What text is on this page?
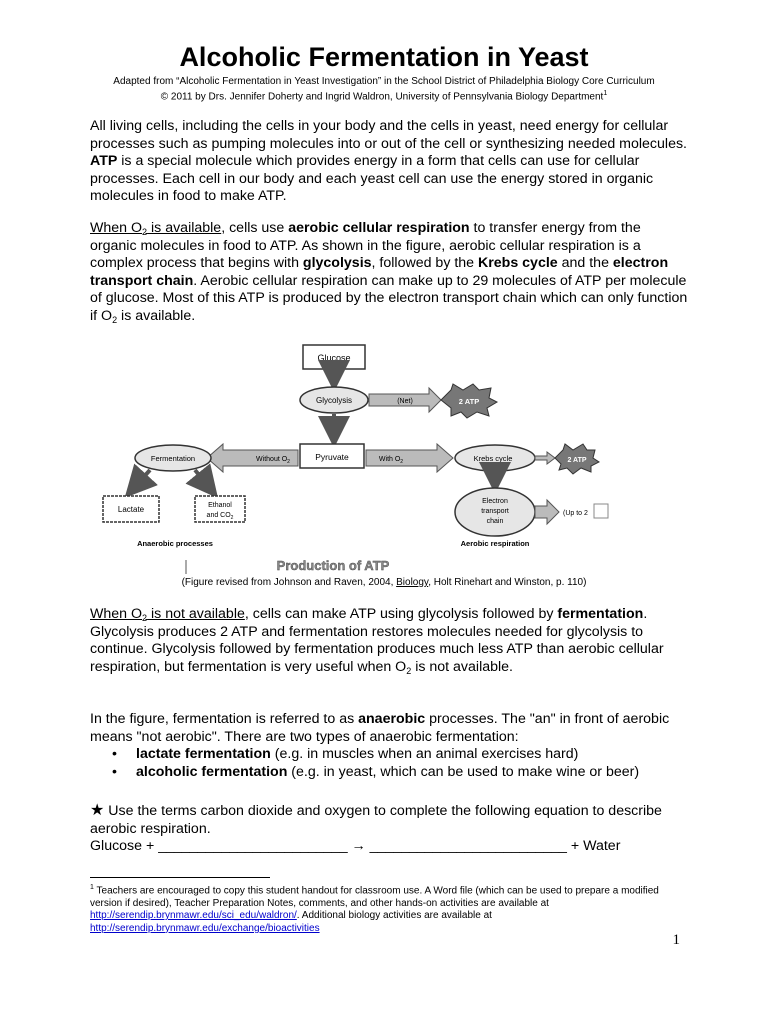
Alcoholic Fermentation in Yeast
Adapted from “Alcoholic Fermentation in Yeast Investigation” in the School District of Philadelphia Biology Core Curriculum
© 2011 by Drs. Jennifer Doherty and Ingrid Waldron, University of Pennsylvania Biology Department$^1$

All living cells, including the cells in your body and the cells in yeast, need energy for cellular processes such as pumping molecules into or out of the cell or synthesizing needed molecules. ATP is a special molecule which provides energy in a form that cells can use for cellular processes. Each cell in our body and each yeast cell can use the energy stored in organic molecules in food to make ATP.

When $O_2$ is available, cells use aerobic cellular respiration to transfer energy from the organic molecules in food to ATP. As shown in the figure, aerobic cellular respiration is a complex process that begins with glycolysis, followed by the Krebs cycle and the electron transport chain. Aerobic cellular respiration can make up to 29 molecules of ATP per molecule of glucose. Most of this ATP is produced by the electron transport chain which can only function if $O_2$ is available.

Glucose
Glycolysis	(Net)	2 ATP
Pyruvate
Without $O_2$	With $O_2$
Fermentation
Lactate	Ethanol
and $CO_2$
Anaerobic processes
Krebs cycle	2 ATP
Electron
transport
chain
(Up to 2
Aerobic respiration
Production of ATP
(Figure revised from Johnson and Raven, 2004, Biology, Holt Rinehart and Winston, p. 110)

When $O_2$ is not available, cells can make ATP using glycolysis followed by fermentation. Glycolysis produces 2 ATP and fermentation restores molecules needed for glycolysis to continue. Glycolysis followed by fermentation produces much less ATP than aerobic cellular respiration, but fermentation is very useful when $O_2$ is not available.

In the figure, fermentation is referred to as anaerobic processes. The "an" in front of aerobic means "not aerobic". There are two types of anaerobic fermentation:

• lactate fermentation (e.g. in muscles when an animal exercises hard)
• alcoholic fermentation (e.g. in yeast, which can be used to make wine or beer)

★ Use the terms carbon dioxide and oxygen to complete the following equation to describe aerobic respiration.

Glucose + ________________________ → _________________________ + Water

$^1$ Teachers are encouraged to copy this student handout for classroom use. A Word file (which can be used to prepare a modified version if desired), Teacher Preparation Notes, comments, and other hands-on activities are available at http://serendip.brynmawr.edu/sci_edu/waldron/. Additional biology activities are available at http://serendip.brynmawr.edu/exchange/bioactivities
1
